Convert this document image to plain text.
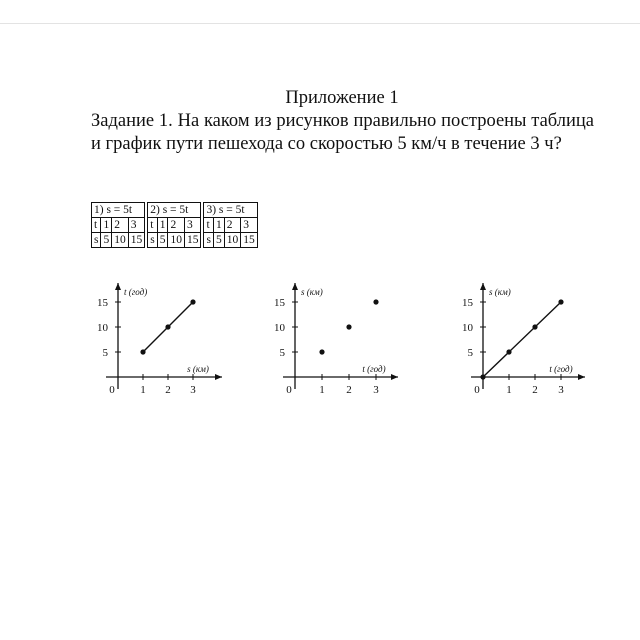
Приложение 1
Задание 1. На каком из рисунков правильно построены таблица и график пути пешехода со скоростью 5 км/ч в течение 3 ч?
1) s = 5t			
t	1	2	3
s	5	10	15
2) s = 5t			
t	1	2	3
s	5	10	15
3) s = 5t			
t	1	2	3
s	5	10	15
0 1 2 3
5
10
15
s (км)
t (год)
0	1 2 3
5
10
15
t (год)
s (км)
0 1 2 3
5
10
15
t (год)
s (км)
